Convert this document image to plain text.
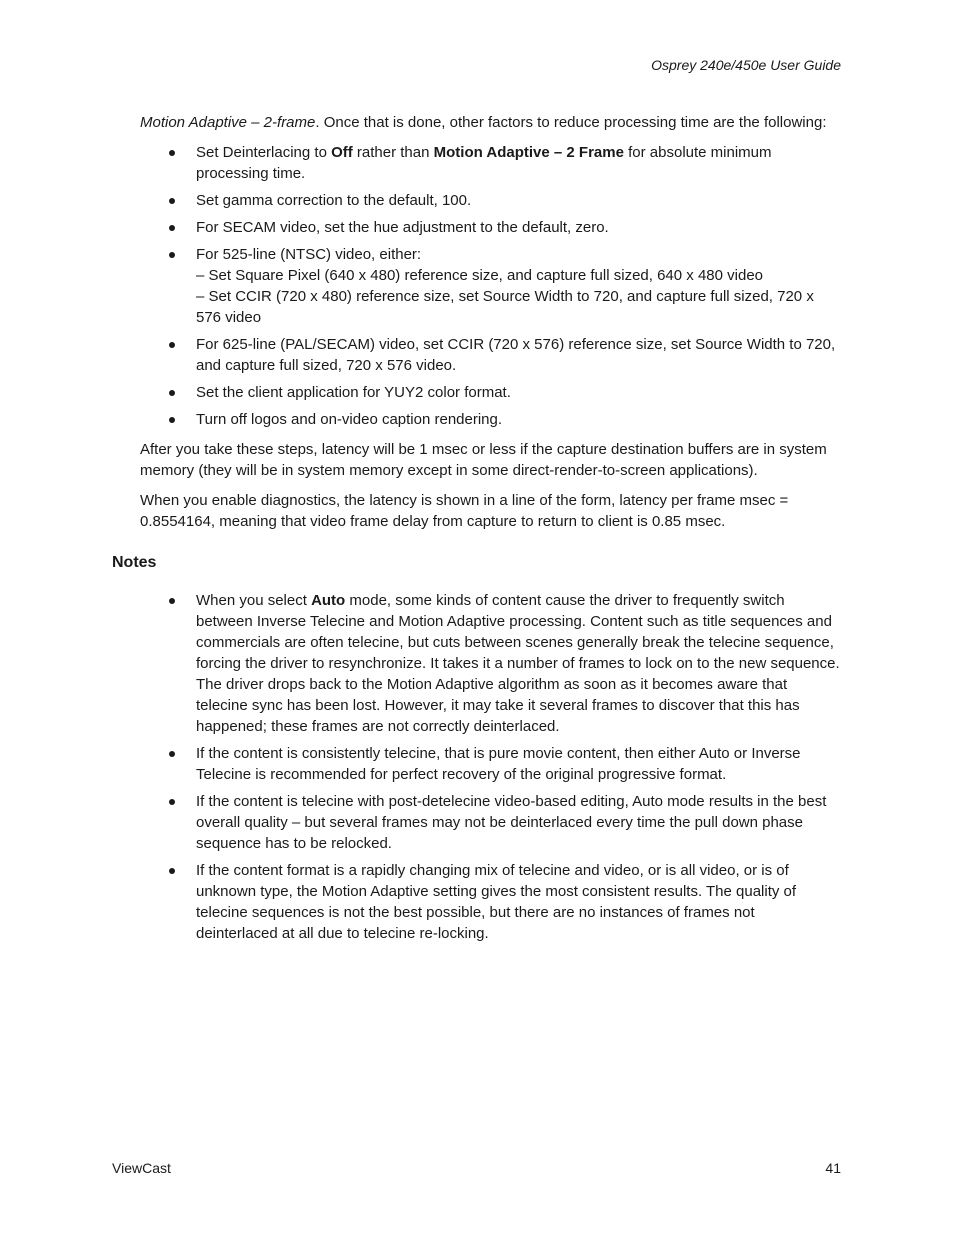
Osprey 240e/450e User Guide

Motion Adaptive – 2-frame. Once that is done, other factors to reduce processing time are the following:

Set Deinterlacing to Off rather than Motion Adaptive – 2 Frame for absolute minimum processing time.
Set gamma correction to the default, 100.
For SECAM video, set the hue adjustment to the default, zero.
For 525-line (NTSC) video, either:
– Set Square Pixel (640 x 480) reference size, and capture full sized, 640 x 480 video
– Set CCIR (720 x 480) reference size, set Source Width to 720, and capture full sized, 720 x 576 video
For 625-line (PAL/SECAM) video, set CCIR (720 x 576) reference size, set Source Width to 720, and capture full sized, 720 x 576 video.
Set the client application for YUY2 color format.
Turn off logos and on-video caption rendering.

After you take these steps, latency will be 1 msec or less if the capture destination buffers are in system memory (they will be in system memory except in some direct-render-to-screen applications).

When you enable diagnostics, the latency is shown in a line of the form, latency per frame msec = 0.8554164, meaning that video frame delay from capture to return to client is 0.85 msec.

Notes
When you select Auto mode, some kinds of content cause the driver to frequently switch between Inverse Telecine and Motion Adaptive processing. Content such as title sequences and commercials are often telecine, but cuts between scenes generally break the telecine sequence, forcing the driver to resynchronize. It takes it a number of frames to lock on to the new sequence. The driver drops back to the Motion Adaptive algorithm as soon as it becomes aware that telecine sync has been lost. However, it may take it several frames to discover that this has happened; these frames are not correctly deinterlaced.
If the content is consistently telecine, that is pure movie content, then either Auto or Inverse Telecine is recommended for perfect recovery of the original progressive format.
If the content is telecine with post-detelecine video-based editing, Auto mode results in the best overall quality – but several frames may not be deinterlaced every time the pull down phase sequence has to be relocked.
If the content format is a rapidly changing mix of telecine and video, or is all video, or is of unknown type, the Motion Adaptive setting gives the most consistent results. The quality of telecine sequences is not the best possible, but there are no instances of frames not deinterlaced at all due to telecine re-locking.
ViewCast	41
